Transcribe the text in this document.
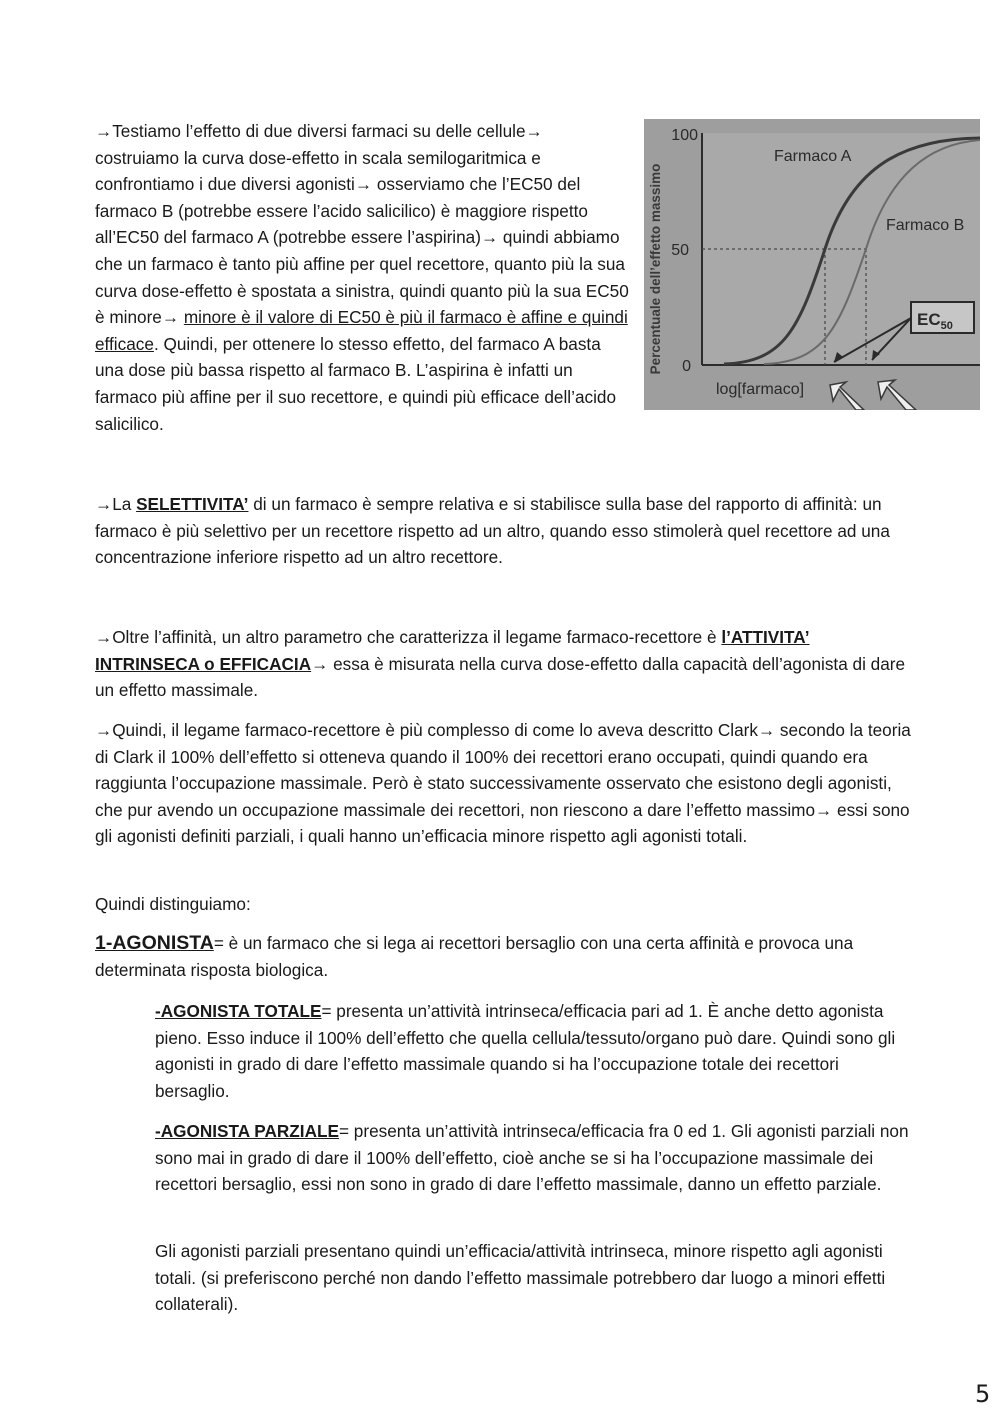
→Testiamo l’effetto di due diversi farmaci su delle cellule→ costruiamo la curva dose-effetto in scala semilogaritmica e confrontiamo i due diversi agonisti→ osserviamo che l’EC50 del farmaco B (potrebbe essere l’acido salicilico) è maggiore rispetto all’EC50 del farmaco A (potrebbe essere l’aspirina)→ quindi abbiamo che un farmaco è tanto più affine per quel recettore, quanto più la sua curva dose-effetto è spostata a sinistra, quindi quanto più la sua EC50 è minore→ minore è il valore di EC50 è più il farmaco è affine e quindi efficace. Quindi, per ottenere lo stesso effetto, del farmaco A basta una dose più bassa rispetto al farmaco B. L’aspirina è infatti un farmaco più affine per il suo recettore, e quindi più efficace dell’acido salicilico.

Percentuale dell’effetto massimo
100
50
0
Farmaco A
Farmaco B
$EC_{50}$
log[farmaco]

→La SELETTIVITA’ di un farmaco è sempre relativa e si stabilisce sulla base del rapporto di affinità: un farmaco è più selettivo per un recettore rispetto ad un altro, quando esso stimolerà quel recettore ad una concentrazione inferiore rispetto ad un altro recettore.

→Oltre l’affinità, un altro parametro che caratterizza il legame farmaco-recettore è l’ATTIVITA’ INTRINSECA o EFFICACIA→ essa è misurata nella curva dose-effetto dalla capacità dell’agonista di dare un effetto massimale.

→Quindi, il legame farmaco-recettore è più complesso di come lo aveva descritto Clark→ secondo la teoria di Clark il 100% dell’effetto si otteneva quando il 100% dei recettori erano occupati, quindi quando era raggiunta l’occupazione massimale. Però è stato successivamente osservato che esistono degli agonisti, che pur avendo un occupazione massimale dei recettori, non riescono a dare l’effetto massimo→ essi sono gli agonisti definiti parziali, i quali hanno un’efficacia minore rispetto agli agonisti totali.

Quindi distinguiamo:

1-AGONISTA= è un farmaco che si lega ai recettori bersaglio con una certa affinità e provoca una determinata risposta biologica.

-AGONISTA TOTALE= presenta un’attività intrinseca/efficacia pari ad 1. È anche detto agonista pieno. Esso induce il 100% dell’effetto che quella cellula/tessuto/organo può dare. Quindi sono gli agonisti in grado di dare l’effetto massimale quando si ha l’occupazione totale dei recettori bersaglio.

-AGONISTA PARZIALE= presenta un’attività intrinseca/efficacia fra 0 ed 1. Gli agonisti parziali non sono mai in grado di dare il 100% dell’effetto, cioè anche se si ha l’occupazione massimale dei recettori bersaglio, essi non sono in grado di dare l’effetto massimale, danno un effetto parziale.

Gli agonisti parziali presentano quindi un’efficacia/attività intrinseca, minore rispetto agli agonisti totali. (si preferiscono perché non dando l’effetto massimale potrebbero dar luogo a minori effetti collaterali).

5
